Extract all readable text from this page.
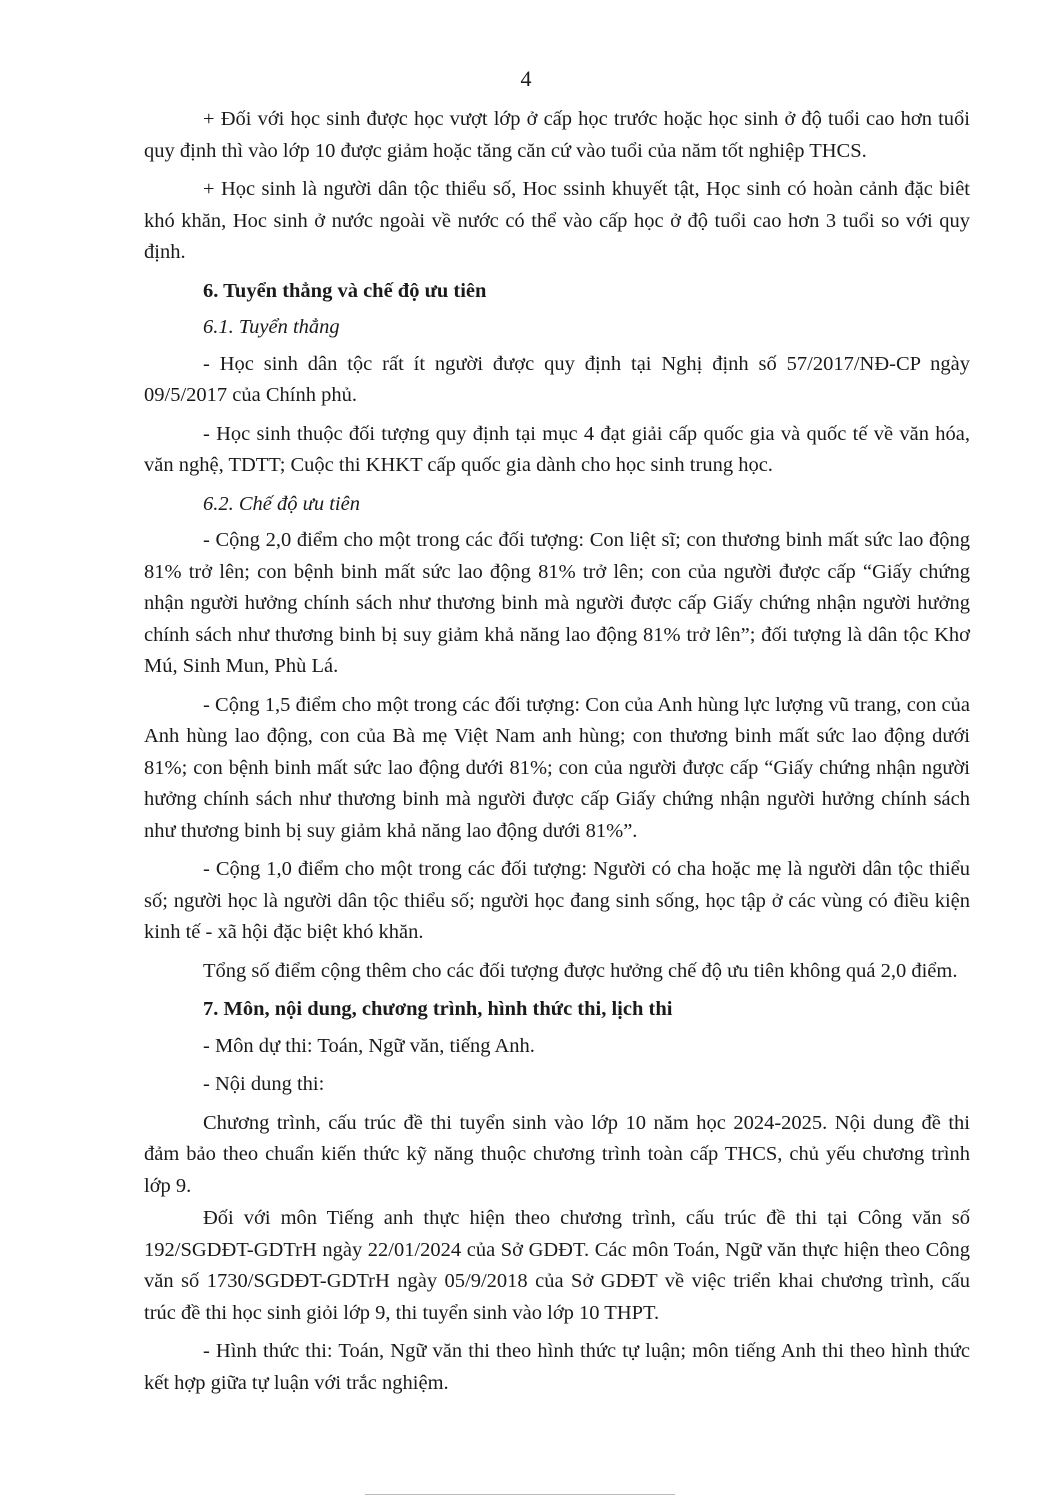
4

+ Đối với học sinh được học vượt lớp ở cấp học trước hoặc học sinh ở độ tuổi cao hơn tuổi quy định thì vào lớp 10 được giảm hoặc tăng căn cứ vào tuổi của năm tốt nghiệp THCS.

+ Học sinh là người dân tộc thiểu số, Hoc ssinh khuyết tật, Học sinh có hoàn cảnh đặc biêt khó khăn, Hoc sinh ở nước ngoài về nước có thể vào cấp học ở độ tuổi cao hơn 3 tuổi so với quy định.

6. Tuyển thẳng và chế độ ưu tiên

6.1. Tuyển thẳng

- Học sinh dân tộc rất ít người được quy định tại Nghị định số 57/2017/NĐ-CP ngày 09/5/2017 của Chính phủ.

- Học sinh thuộc đối tượng quy định tại mục 4 đạt giải cấp quốc gia và quốc tế về văn hóa, văn nghệ, TDTT; Cuộc thi KHKT cấp quốc gia dành cho học sinh trung học.

6.2. Chế độ ưu tiên

- Cộng 2,0 điểm cho một trong các đối tượng: Con liệt sĩ; con thương binh mất sức lao động 81% trở lên; con bệnh binh mất sức lao động 81% trở lên; con của người được cấp “Giấy chứng nhận người hưởng chính sách như thương binh mà người được cấp Giấy chứng nhận người hưởng chính sách như thương binh bị suy giảm khả năng lao động 81% trở lên”; đối tượng là dân tộc Khơ Mú, Sinh Mun, Phù Lá.

- Cộng 1,5 điểm cho một trong các đối tượng: Con của Anh hùng lực lượng vũ trang, con của Anh hùng lao động, con của Bà mẹ Việt Nam anh hùng; con thương binh mất sức lao động dưới 81%; con bệnh binh mất sức lao động dưới 81%; con của người được cấp “Giấy chứng nhận người hưởng chính sách như thương binh mà người được cấp Giấy chứng nhận người hưởng chính sách như thương binh bị suy giảm khả năng lao động dưới 81%”.

- Cộng 1,0 điểm cho một trong các đối tượng: Người có cha hoặc mẹ là người dân tộc thiểu số; người học là người dân tộc thiểu số; người học đang sinh sống, học tập ở các vùng có điều kiện kinh tế - xã hội đặc biệt khó khăn.

Tổng số điểm cộng thêm cho các đối tượng được hưởng chế độ ưu tiên không quá 2,0 điểm.

7. Môn, nội dung, chương trình, hình thức thi, lịch thi

- Môn dự thi: Toán, Ngữ văn, tiếng Anh.

- Nội dung thi:

Chương trình, cấu trúc đề thi tuyển sinh vào lớp 10 năm học 2024-2025. Nội dung đề thi đảm bảo theo chuẩn kiến thức kỹ năng thuộc chương trình toàn cấp THCS, chủ yếu chương trình lớp 9.

Đối với môn Tiếng anh thực hiện theo chương trình, cấu trúc đề thi tại Công văn số 192/SGDĐT-GDTrH ngày 22/01/2024 của Sở GDĐT. Các môn Toán, Ngữ văn thực hiện theo Công văn số 1730/SGDĐT-GDTrH ngày 05/9/2018 của Sở GDĐT về việc triển khai chương trình, cấu trúc đề thi học sinh giỏi lớp 9, thi tuyển sinh vào lớp 10 THPT.

- Hình thức thi: Toán, Ngữ văn thi theo hình thức tự luận; môn tiếng Anh thi theo hình thức kết hợp giữa tự luận với trắc nghiệm.
